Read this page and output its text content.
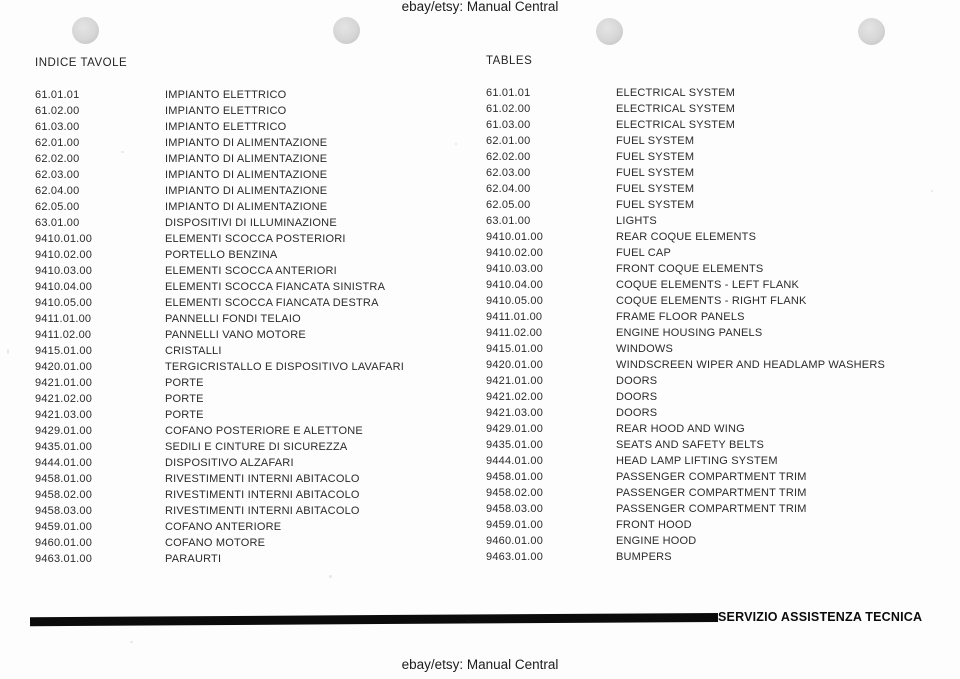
ebay/etsy: Manual Central
INDICE TAVOLE
61.01.01	IMPIANTO ELETTRICO
61.02.00	IMPIANTO ELETTRICO
61.03.00	IMPIANTO ELETTRICO
62.01.00	IMPIANTO DI ALIMENTAZIONE
62.02.00	IMPIANTO DI ALIMENTAZIONE
62.03.00	IMPIANTO DI ALIMENTAZIONE
62.04.00	IMPIANTO DI ALIMENTAZIONE
62.05.00	IMPIANTO DI ALIMENTAZIONE
63.01.00	DISPOSITIVI DI ILLUMINAZIONE
9410.01.00	ELEMENTI SCOCCA POSTERIORI
9410.02.00	PORTELLO BENZINA
9410.03.00	ELEMENTI SCOCCA ANTERIORI
9410.04.00	ELEMENTI SCOCCA FIANCATA SINISTRA
9410.05.00	ELEMENTI SCOCCA FIANCATA DESTRA
9411.01.00	PANNELLI FONDI TELAIO
9411.02.00	PANNELLI VANO MOTORE
9415.01.00	CRISTALLI
9420.01.00	TERGICRISTALLO E DISPOSITIVO LAVAFARI
9421.01.00	PORTE
9421.02.00	PORTE
9421.03.00	PORTE
9429.01.00	COFANO POSTERIORE E ALETTONE
9435.01.00	SEDILI E CINTURE DI SICUREZZA
9444.01.00	DISPOSITIVO ALZAFARI
9458.01.00	RIVESTIMENTI INTERNI ABITACOLO
9458.02.00	RIVESTIMENTI INTERNI ABITACOLO
9458.03.00	RIVESTIMENTI INTERNI ABITACOLO
9459.01.00	COFANO ANTERIORE
9460.01.00	COFANO MOTORE
9463.01.00	PARAURTI
TABLES
61.01.01	ELECTRICAL SYSTEM
61.02.00	ELECTRICAL SYSTEM
61.03.00	ELECTRICAL SYSTEM
62.01.00	FUEL SYSTEM
62.02.00	FUEL SYSTEM
62.03.00	FUEL SYSTEM
62.04.00	FUEL SYSTEM
62.05.00	FUEL SYSTEM
63.01.00	LIGHTS
9410.01.00	REAR COQUE ELEMENTS
9410.02.00	FUEL CAP
9410.03.00	FRONT COQUE ELEMENTS
9410.04.00	COQUE ELEMENTS - LEFT FLANK
9410.05.00	COQUE ELEMENTS - RIGHT FLANK
9411.01.00	FRAME FLOOR PANELS
9411.02.00	ENGINE HOUSING PANELS
9415.01.00	WINDOWS
9420.01.00	WINDSCREEN WIPER AND HEADLAMP WASHERS
9421.01.00	DOORS
9421.02.00	DOORS
9421.03.00	DOORS
9429.01.00	REAR HOOD AND WING
9435.01.00	SEATS AND SAFETY BELTS
9444.01.00	HEAD LAMP LIFTING SYSTEM
9458.01.00	PASSENGER COMPARTMENT TRIM
9458.02.00	PASSENGER COMPARTMENT TRIM
9458.03.00	PASSENGER COMPARTMENT TRIM
9459.01.00	FRONT HOOD
9460.01.00	ENGINE HOOD
9463.01.00	BUMPERS
SERVIZIO ASSISTENZA TECNICA
ebay/etsy: Manual Central
